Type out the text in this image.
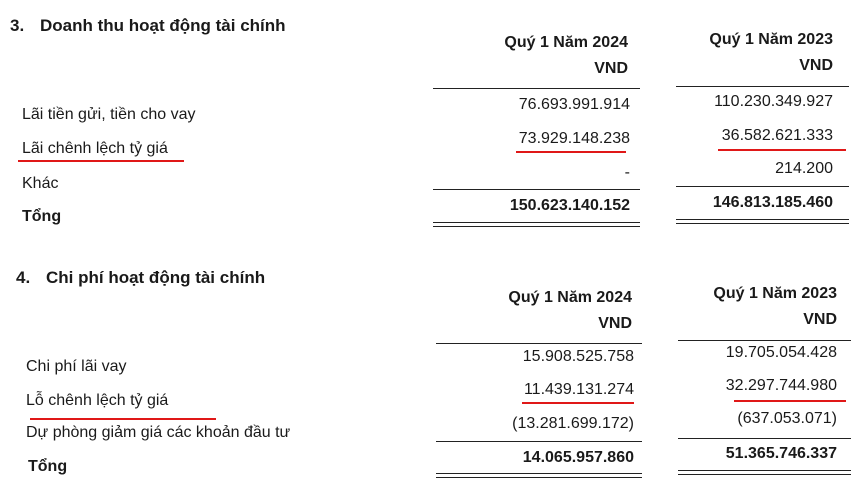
3. Doanh thu hoạt động tài chính
Quý 1 Năm 2024
VND
Quý 1 Năm 2023
VND
Lãi tiền gửi, tiền cho vay
76.693.991.914	110.230.349.927
Lãi chênh lệch tỷ giá
73.929.148.238	36.582.621.333
Khác
-	214.200
Tổng
150.623.140.152	146.813.185.460
4. Chi phí hoạt động tài chính
Quý 1 Năm 2024
VND
Quý 1 Năm 2023
VND
Chi phí lãi vay
15.908.525.758	19.705.054.428
Lỗ chênh lệch tỷ giá
11.439.131.274	32.297.744.980
Dự phòng giảm giá các khoản đầu tư
(13.281.699.172)	(637.053.071)
Tổng
14.065.957.860	51.365.746.337
